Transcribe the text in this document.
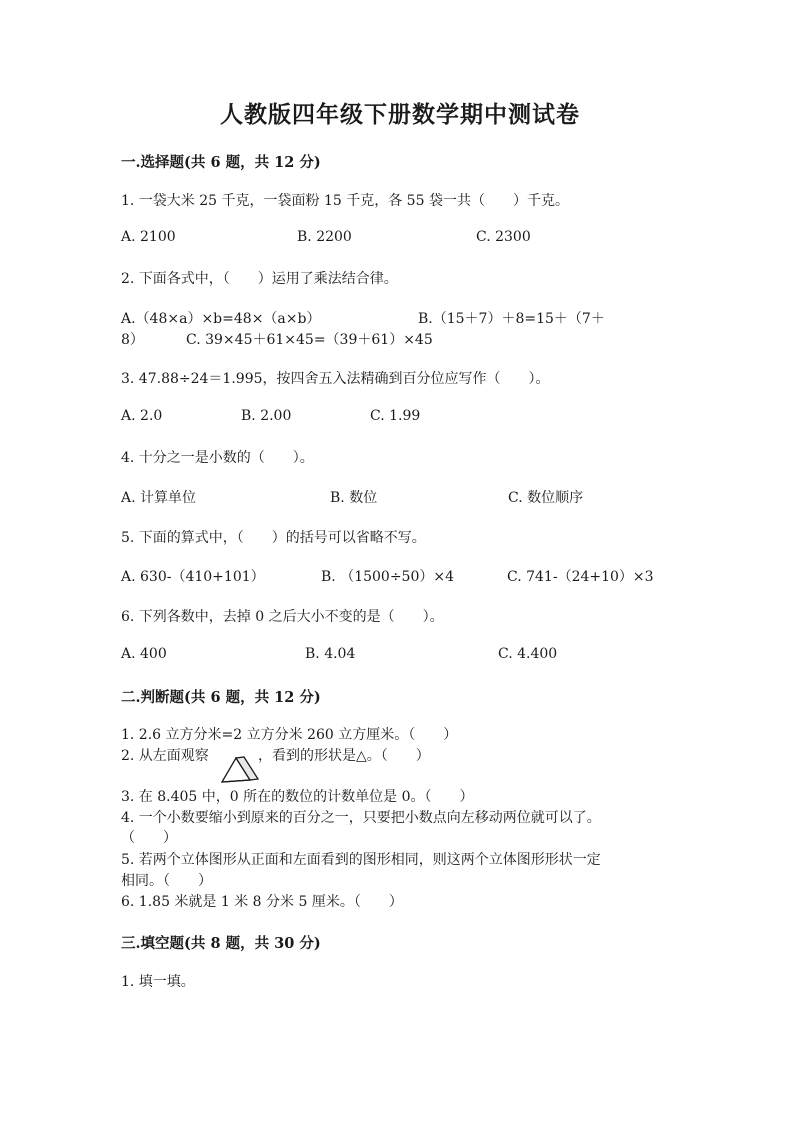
人教版四年级下册数学期中测试卷
一.选择题(共 6 题，共 12 分)
1. 一袋大米 25 千克，一袋面粉 15 千克，各 55 袋一共（　　）千克。
A. 2100	B. 2200	C. 2300
2. 下面各式中，（　　）运用了乘法结合律。
A.（48×a）×b=48×（a×b）	B.（15＋7）＋8=15＋（7＋
8）	C. 39×45＋61×45=（39＋61）×45
3. 47.88÷24＝1.995，按四舍五入法精确到百分位应写作（　　）。
A. 2.0	B. 2.00	C. 1.99
4. 十分之一是小数的（　　）。
A. 计算单位	B. 数位	C. 数位顺序
5. 下面的算式中，（　　）的括号可以省略不写。
A. 630-（410+101）	B. （1500÷50）×4	C. 741-（24+10）×3
6. 下列各数中，去掉 0 之后大小不变的是（　　）。
A. 400	B. 4.04	C. 4.400
二.判断题(共 6 题，共 12 分)
1. 2.6 立方分米=2 立方分米 260 立方厘米。（　　）
2. 从左面观察	，看到的形状是△。（　　）
3. 在 8.405 中，0 所在的数位的计数单位是 0。（　　）
4. 一个小数要缩小到原来的百分之一，只要把小数点向左移动两位就可以了。
（　　）
5. 若两个立体图形从正面和左面看到的图形相同，则这两个立体图形形状一定
相同。（　　）
6. 1.85 米就是 1 米 8 分米 5 厘米。（　　）
三.填空题(共 8 题，共 30 分)
1. 填一填。
